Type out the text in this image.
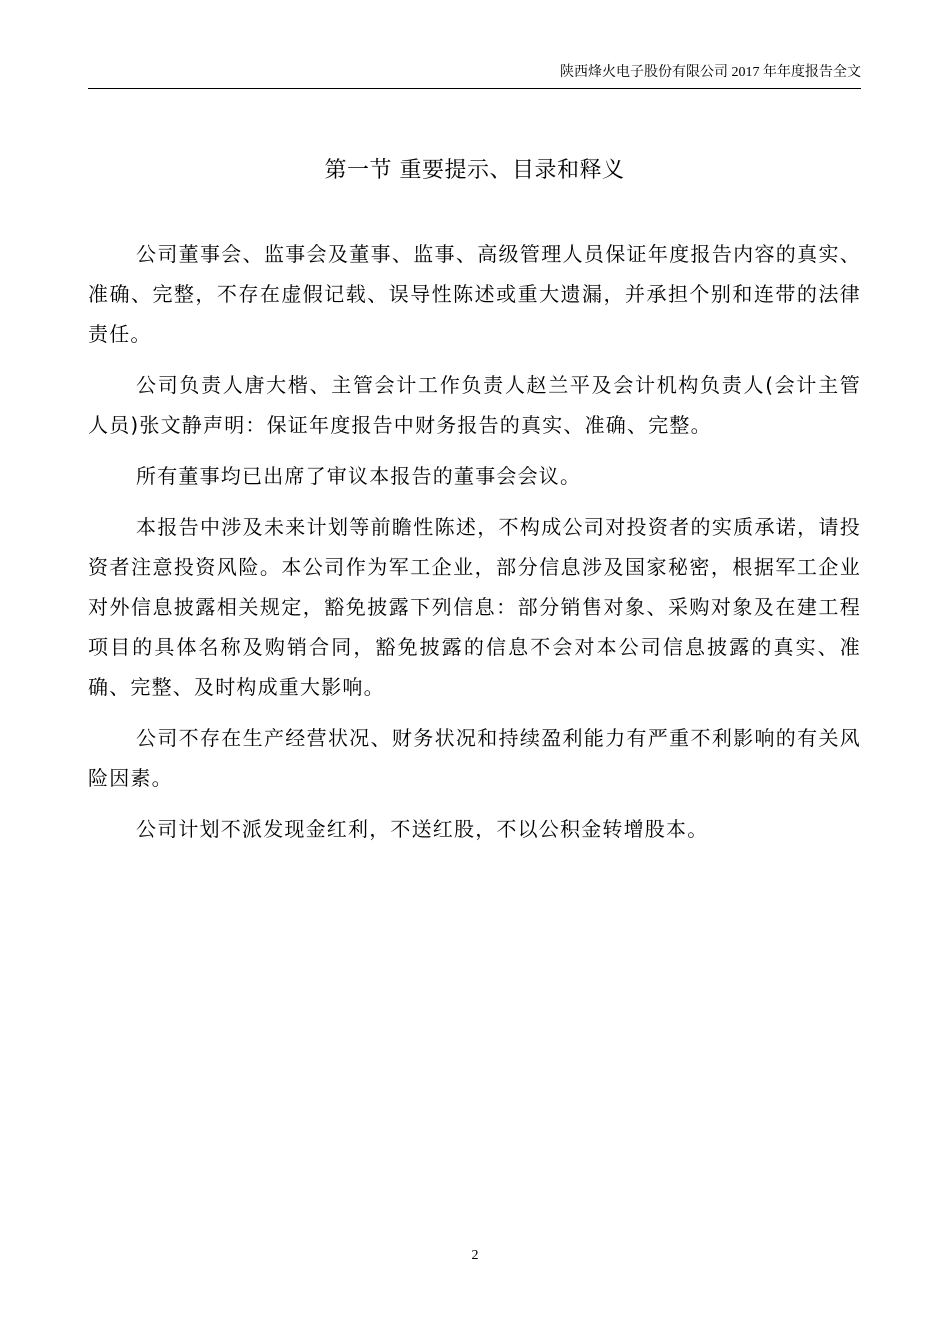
陕西烽火电子股份有限公司 2017 年年度报告全文
第一节 重要提示、目录和释义

公司董事会、监事会及董事、监事、高级管理人员保证年度报告内容的真实、准确、完整，不存在虚假记载、误导性陈述或重大遗漏，并承担个别和连带的法律责任。

公司负责人唐大楷、主管会计工作负责人赵兰平及会计机构负责人(会计主管人员)张文静声明：保证年度报告中财务报告的真实、准确、完整。

所有董事均已出席了审议本报告的董事会会议。

本报告中涉及未来计划等前瞻性陈述，不构成公司对投资者的实质承诺，请投资者注意投资风险。本公司作为军工企业，部分信息涉及国家秘密，根据军工企业对外信息披露相关规定，豁免披露下列信息：部分销售对象、采购对象及在建工程项目的具体名称及购销合同，豁免披露的信息不会对本公司信息披露的真实、准确、完整、及时构成重大影响。

公司不存在生产经营状况、财务状况和持续盈利能力有严重不利影响的有关风险因素。

公司计划不派发现金红利，不送红股，不以公积金转增股本。

2
